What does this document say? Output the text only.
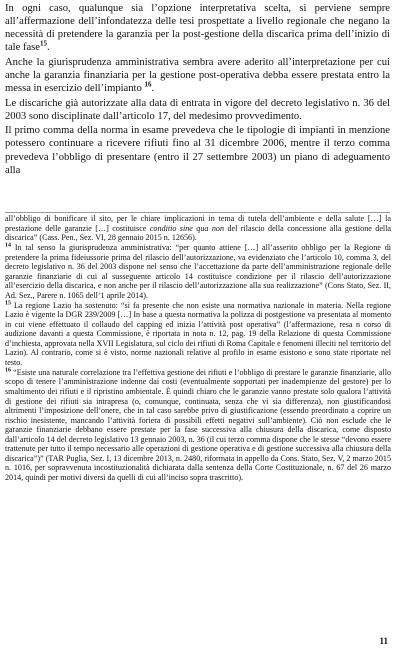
In ogni caso, qualunque sia l’opzione interpretativa scelta, si perviene sempre all’affermazione dell’infondatezza delle tesi prospettate a livello regionale che negano la necessità di pretendere la garanzia per la post-gestione della discarica prima dell’inizio di tale fase$^{15}$.

Anche la giurisprudenza amministrativa sembra avere aderito all’interpretazione per cui anche la garanzia finanziaria per la gestione post-operativa debba essere prestata entro la messa in esercizio dell’impianto $^{16}$.

Le discariche già autorizzate alla data di entrata in vigore del decreto legislativo n. 36 del 2003 sono disciplinate dall’articolo 17, del medesimo provvedimento.

Il primo comma della norma in esame prevedeva che le tipologie di impianti in menzione potessero continuare a ricevere rifiuti fino al 31 dicembre 2006, mentre il terzo comma prevedeva l’obbligo di presentare (entro il 27 settembre 2003) un piano di adeguamento alla

all’obbligo di bonificare il sito, per le chiare implicazioni in tema di tutela dell’ambiente e della salute […] la prestazione delle garanzie […] costituisce conditio sine qua non del rilascio della concessione alla gestione della discarica” (Cass. Pen., Sez. VI, 28 gennaio 2015 n. 12656).

$^{14}$ In tal senso la giurisprudenza amministrativa: “per quanto attiene […] all’asserito obbligo per la Regione di pretendere la prima fideiussorie prima del rilascio dell’autorizzazione, va evidenziato che l’articolo 10, comma 3, del decreto legislativo n. 36 del 2003 dispone nel senso che l’accettazione da parte dell’amministrazione regionale delle garanzie finanziarie di cui al susseguente articolo 14 costituisce condizione per il rilascio dell’autorizzazione all’esercizio della discarica, e non anche per il rilascio dell’autorizzazione alla sua realizzazione” (Cons Stato, Sez. II, Ad. Sez., Parere n. 1065 dell’1 aprile 2014).

$^{15}$ La regione Lazio ha sostenuto: “si fa presente che non esiste una normativa nazionale in materia. Nella regione Lazio è vigente la DGR 239/2009 […] In base a questa normativa la polizza di postgestione va presentata al momento in cui viene effettuato il collaudo del capping ed inizia l’attività post operativa” (l’affermazione, resa n corso di audizione davanti a questa Commissione, è riportata in nota n. 12, pag. 19 della Relazione di questa Commissione d’inchiesta, approvata nella XVII Legislatura, sul ciclo dei rifiuti di Roma Capitale e fenomeni illeciti nel territorio del Lazio). Al contrario, come si è visto, norme nazionali relative al profilo in esame esistono e sono state riportate nel testo.

$^{16}$ “Esiste una naturale correlazione tra l’effettiva gestione dei rifiuti e l’obbligo di prestare le garanzie finanziarie, allo scopo di tenere l’amministrazione indenne dai costi (eventualmente sopportati per inadempienze del gestore) per lo smaltimento dei rifiuti e il ripristino ambientale. È quindi chiaro che le garanzie vanno prestate solo qualora l’attività di gestione dei rifiuti sia intrapresa (o, comunque, continuata, senza che vi sia differenza), non giustificandosi altrimenti l’imposizione dell’onere, che in tal caso sarebbe privo di giustificazione (essendo preordinato a coprire un rischio inesistente, mancando l’attività foriera di possibili effetti negativi sull’ambiente). Ciò non esclude che le garanzie finanziarie debbano essere prestate per la fase successiva alla chiusura della discarica, come disposto dall’articolo 14 del decreto legislativo 13 gennaio 2003, n. 36 (il cui terzo comma dispone che le stesse “devono essere trattenute per tutto il tempo necessario alle operazioni di gestione operativa e di gestione successiva alla chiusura della discarica”)” (TAR Puglia, Sez. I, 13 dicembre 2013, n. 2480, riformata in appello da Cons. Stato, Sez. V, 2 marzo 2015 n. 1016, per sopravvenuta incostituzionalità dichiarata dalla sentenza della Corte Costituzionale, n. 67 del 26 marzo 2014, quindi per motivi diversi da quelli di cui all’inciso sopra trascritto).

11
